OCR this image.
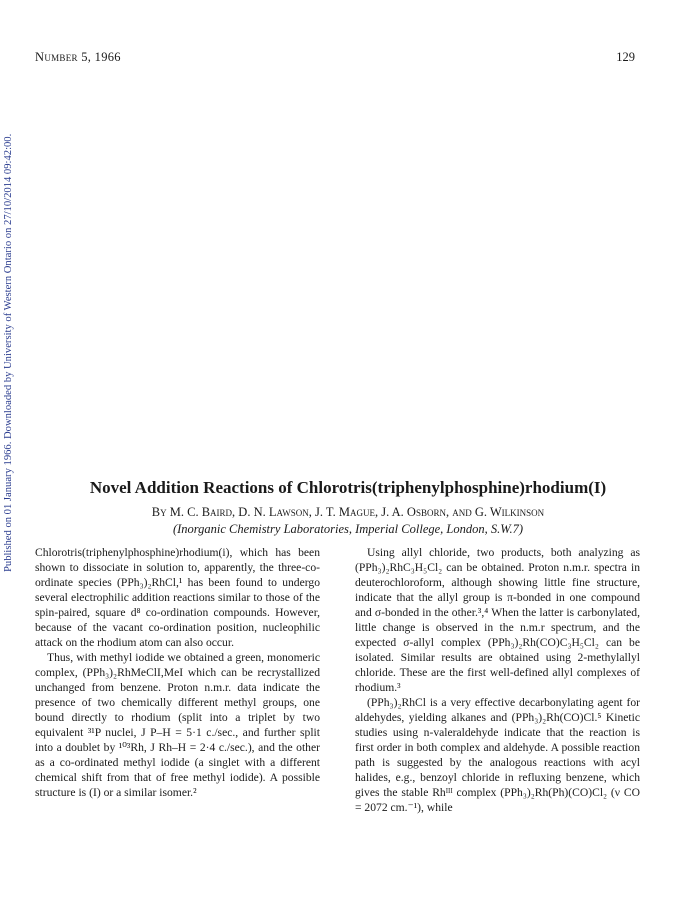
Number 5, 1966	129
Published on 01 January 1966. Downloaded by University of Western Ontario on 27/10/2014 09:42:00.	Novel Addition Reactions of Chlorotris(triphenylphosphine)rhodium(I)
By M. C. Baird, D. N. Lawson, J. T. Mague, J. A. Osborn, and G. Wilkinson
(Inorganic Chemistry Laboratories, Imperial College, London, S.W.7)

Chlorotris(triphenylphosphine)rhodium(i), which has been shown to dissociate in solution to, apparently, the three-co-ordinate species (PPh₃)₂RhCl,¹ has been found to undergo several electrophilic addition reactions similar to those of the spin-paired, square d⁸ co-ordination compounds. However, because of the vacant co-ordination position, nucleophilic attack on the rhodium atom can also occur.

Thus, with methyl iodide we obtained a green, monomeric complex, (PPh₃)₂RhMeClI,MeI which can be recrystallized unchanged from benzene. Proton n.m.r. data indicate the presence of two chemically different methyl groups, one bound directly to rhodium (split into a triplet by two equivalent ³¹P nuclei, J P–H = 5·1 c./sec., and further split into a doublet by ¹⁰³Rh, J Rh–H = 2·4 c./sec.), and the other as a co-ordinated methyl iodide (a singlet with a different chemical shift from that of free methyl iodide). A possible structure is (I) or a similar isomer.²

Using allyl chloride, two products, both analyzing as (PPh₃)₂RhC₃H₅Cl₂ can be obtained. Proton n.m.r. spectra in deuterochloroform, although showing little fine structure, indicate that the allyl group is π-bonded in one compound and σ-bonded in the other.³,⁴ When the latter is carbonylated, little change is observed in the n.m.r spectrum, and the expected σ-allyl complex (PPh₃)₂Rh(CO)C₃H₅Cl₂ can be isolated. Similar results are obtained using 2-methylallyl chloride. These are the first well-defined allyl complexes of rhodium.³

(PPh₃)₂RhCl is a very effective decarbonylating agent for aldehydes, yielding alkanes and (PPh₃)₂Rh(CO)Cl.⁵ Kinetic studies using n-valeraldehyde indicate that the reaction is first order in both complex and aldehyde. A possible reaction path is suggested by the analogous reactions with acyl halides, e.g., benzoyl chloride in refluxing benzene, which gives the stable Rhᴵᴵᴵ complex (PPh₃)₂Rh(Ph)(CO)Cl₂ (ν CO = 2072 cm.⁻¹), while
